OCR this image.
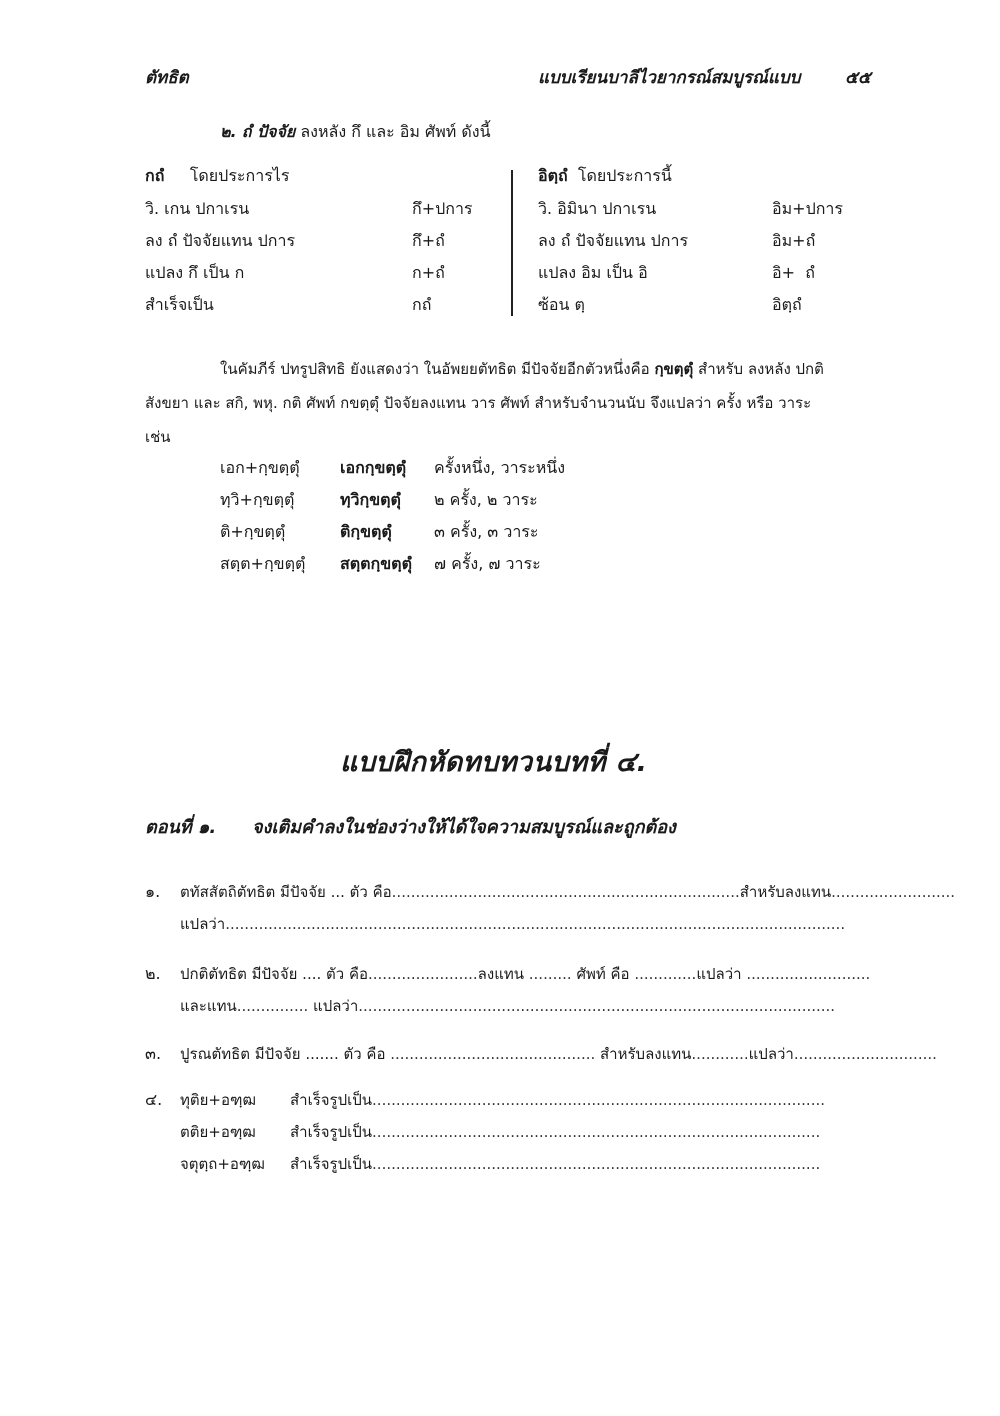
ตัทธิต	แบบเรียนบาลีไวยากรณ์สมบูรณ์แบบ	๕๕
๒. ถํ ปัจจัย ลงหลัง กึ และ อิม ศัพท์ ดังนี้
กถํ โดยประการไร
วิ. เกน ปกาเรน	กึ+ปการ
ลง ถํ ปัจจัยแทน ปการ	กึ+ถํ
แปลง กึ เป็น ก	ก+ถํ
สำเร็จเป็น	กถํ
อิตฺถํ โดยประการนี้
วิ. อิมินา ปกาเรน	อิม+ปการ
ลง ถํ ปัจจัยแทน ปการ	อิม+ถํ
แปลง อิม เป็น อิ	อิ+  ถํ
ซ้อน ตฺ	อิตฺถํ
ในคัมภีร์ ปทรูปสิทธิ ยังแสดงว่า ในอัพยยตัทธิต มีปัจจัยอีกตัวหนึ่งคือ กฺขตฺตุํ สำหรับ ลงหลัง ปกติ
สังขยา และ สกิ, พหุ. กติ ศัพท์ กขตฺตุํ ปัจจัยลงแทน วาร ศัพท์ สำหรับจำนวนนับ จึงแปลว่า ครั้ง หรือ วาระ
เช่น
เอก+กฺขตฺตุํ	เอกกฺขตฺตุํ ครั้งหนึ่ง, วาระหนึ่ง
ทฺวิ+กฺขตฺตุํ	ทฺวิกฺขตฺตุํ ๒ ครั้ง, ๒ วาระ
ติ+กฺขตฺตุํ	ติกฺขตฺตุํ	๓ ครั้ง, ๓ วาระ
สตฺต+กฺขตฺตุํ สตฺตกฺขตฺตุํ ๗ ครั้ง, ๗ วาระ
แบบฝึกหัดทบทวนบทที่ ๔.
ตอนที่ ๑. จงเติมคำลงในช่องว่างให้ได้ใจความสมบูรณ์และถูกต้อง
๑. ตทัสสัตถิตัทธิต มีปัจจัย ... ตัว คือ.........................................................................สำหรับลงแทน..........................
แปลว่า..................................................................................................................................
๒. ปกติตัทธิต มีปัจจัย .... ตัว คือ.......................ลงแทน ......... ศัพท์ คือ .............แปลว่า ..........................
และแทน............... แปลว่า....................................................................................................
๓. ปูรณตัทธิต มีปัจจัย ....... ตัว คือ ........................................... สำหรับลงแทน............แปลว่า..............................
๔. ทุติย+อฑฺฒ สำเร็จรูปเป็น...............................................................................................
ตติย+อฑฺฒ สำเร็จรูปเป็น..............................................................................................
จตุตฺถ+อฑฺฒ สำเร็จรูปเป็น..............................................................................................
